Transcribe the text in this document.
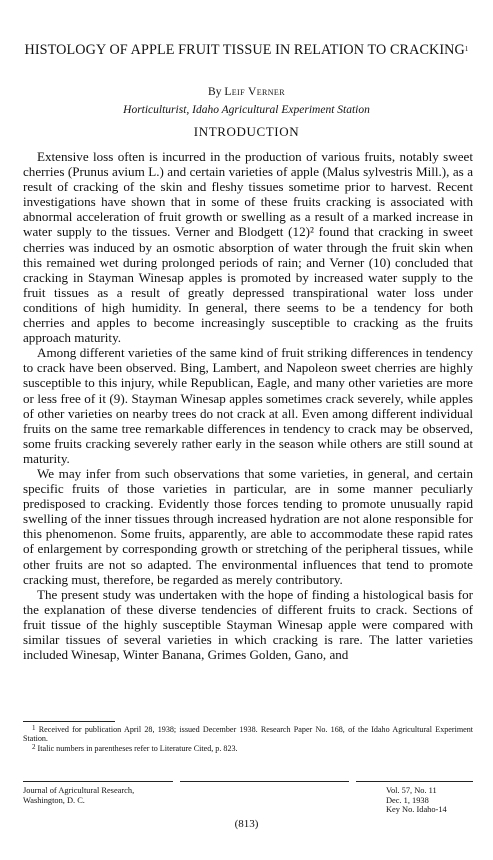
HISTOLOGY OF APPLE FRUIT TISSUE IN RELATION TO CRACKING$^1$
By Leif Verner
Horticulturist, Idaho Agricultural Experiment Station
INTRODUCTION

Extensive loss often is incurred in the production of various fruits, notably sweet cherries (Prunus avium L.) and certain varieties of apple (Malus sylvestris Mill.), as a result of cracking of the skin and fleshy tissues sometime prior to harvest. Recent investigations have shown that in some of these fruits cracking is associated with abnormal acceleration of fruit growth or swelling as a result of a marked increase in water supply to the tissues. Verner and Blodgett (12)² found that cracking in sweet cherries was induced by an osmotic absorption of water through the fruit skin when this remained wet during prolonged periods of rain; and Verner (10) concluded that cracking in Stayman Winesap apples is promoted by increased water supply to the fruit tissues as a result of greatly depressed transpirational water loss under conditions of high humidity. In general, there seems to be a tendency for both cherries and apples to become increasingly susceptible to cracking as the fruits approach maturity.

Among different varieties of the same kind of fruit striking differences in tendency to crack have been observed. Bing, Lambert, and Napoleon sweet cherries are highly susceptible to this injury, while Republican, Eagle, and many other varieties are more or less free of it (9). Stayman Winesap apples sometimes crack severely, while apples of other varieties on nearby trees do not crack at all. Even among different individual fruits on the same tree remarkable differences in tendency to crack may be observed, some fruits cracking severely rather early in the season while others are still sound at maturity.

We may infer from such observations that some varieties, in general, and certain specific fruits of those varieties in particular, are in some manner peculiarly predisposed to cracking. Evidently those forces tending to promote unusually rapid swelling of the inner tissues through increased hydration are not alone responsible for this phenomenon. Some fruits, apparently, are able to accommodate these rapid rates of enlargement by corresponding growth or stretching of the peripheral tissues, while other fruits are not so adapted. The environmental influences that tend to promote cracking must, therefore, be regarded as merely contributory.

The present study was undertaken with the hope of finding a histological basis for the explanation of these diverse tendencies of different fruits to crack. Sections of fruit tissue of the highly susceptible Stayman Winesap apple were compared with similar tissues of several varieties in which cracking is rare. The latter varieties included Winesap, Winter Banana, Grimes Golden, Gano, and

$^1$ Received for publication April 28, 1938; issued December 1938. Research Paper No. 168, of the Idaho Agricultural Experiment Station.

$^2$ Italic numbers in parentheses refer to Literature Cited, p. 823.

Journal of Agricultural Research,
Washington, D. C.
Vol. 57, No. 11
Dec. 1, 1938
Key No. Idaho-14
(813)
